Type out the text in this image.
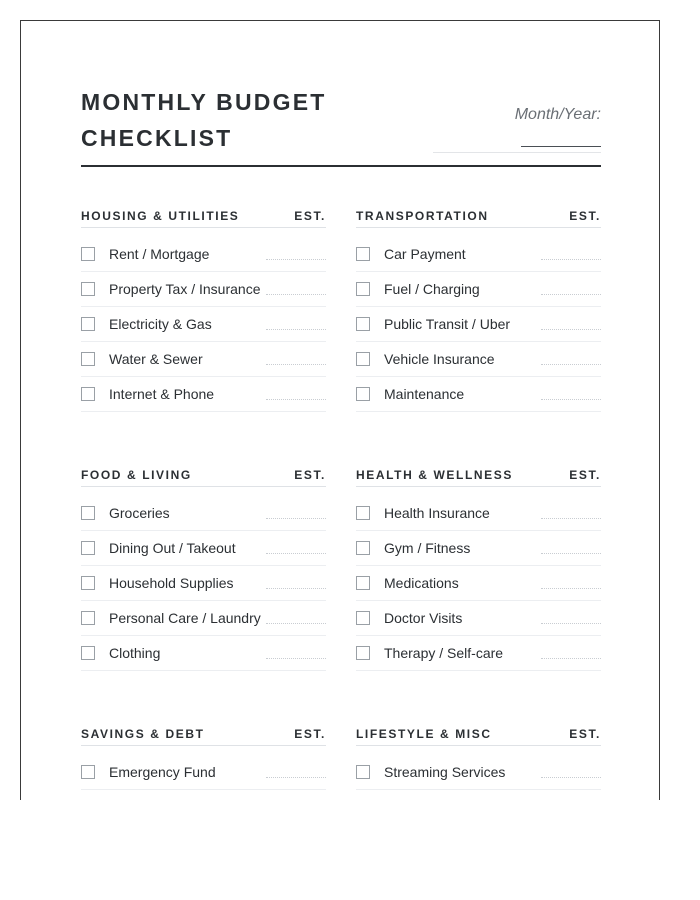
MONTHLY BUDGET CHECKLIST
Month/Year:
HOUSING & UTILITIES	EST.
Rent / Mortgage
Property Tax / Insurance
Electricity & Gas
Water & Sewer
Internet & Phone
TRANSPORTATION	EST.
Car Payment
Fuel / Charging
Public Transit / Uber
Vehicle Insurance
Maintenance
FOOD & LIVING	EST.
Groceries
Dining Out / Takeout
Household Supplies
Personal Care / Laundry
Clothing
HEALTH & WELLNESS	EST.
Health Insurance
Gym / Fitness
Medications
Doctor Visits
Therapy / Self-care
SAVINGS & DEBT	EST.
Emergency Fund
LIFESTYLE & MISC	EST.
Streaming Services
